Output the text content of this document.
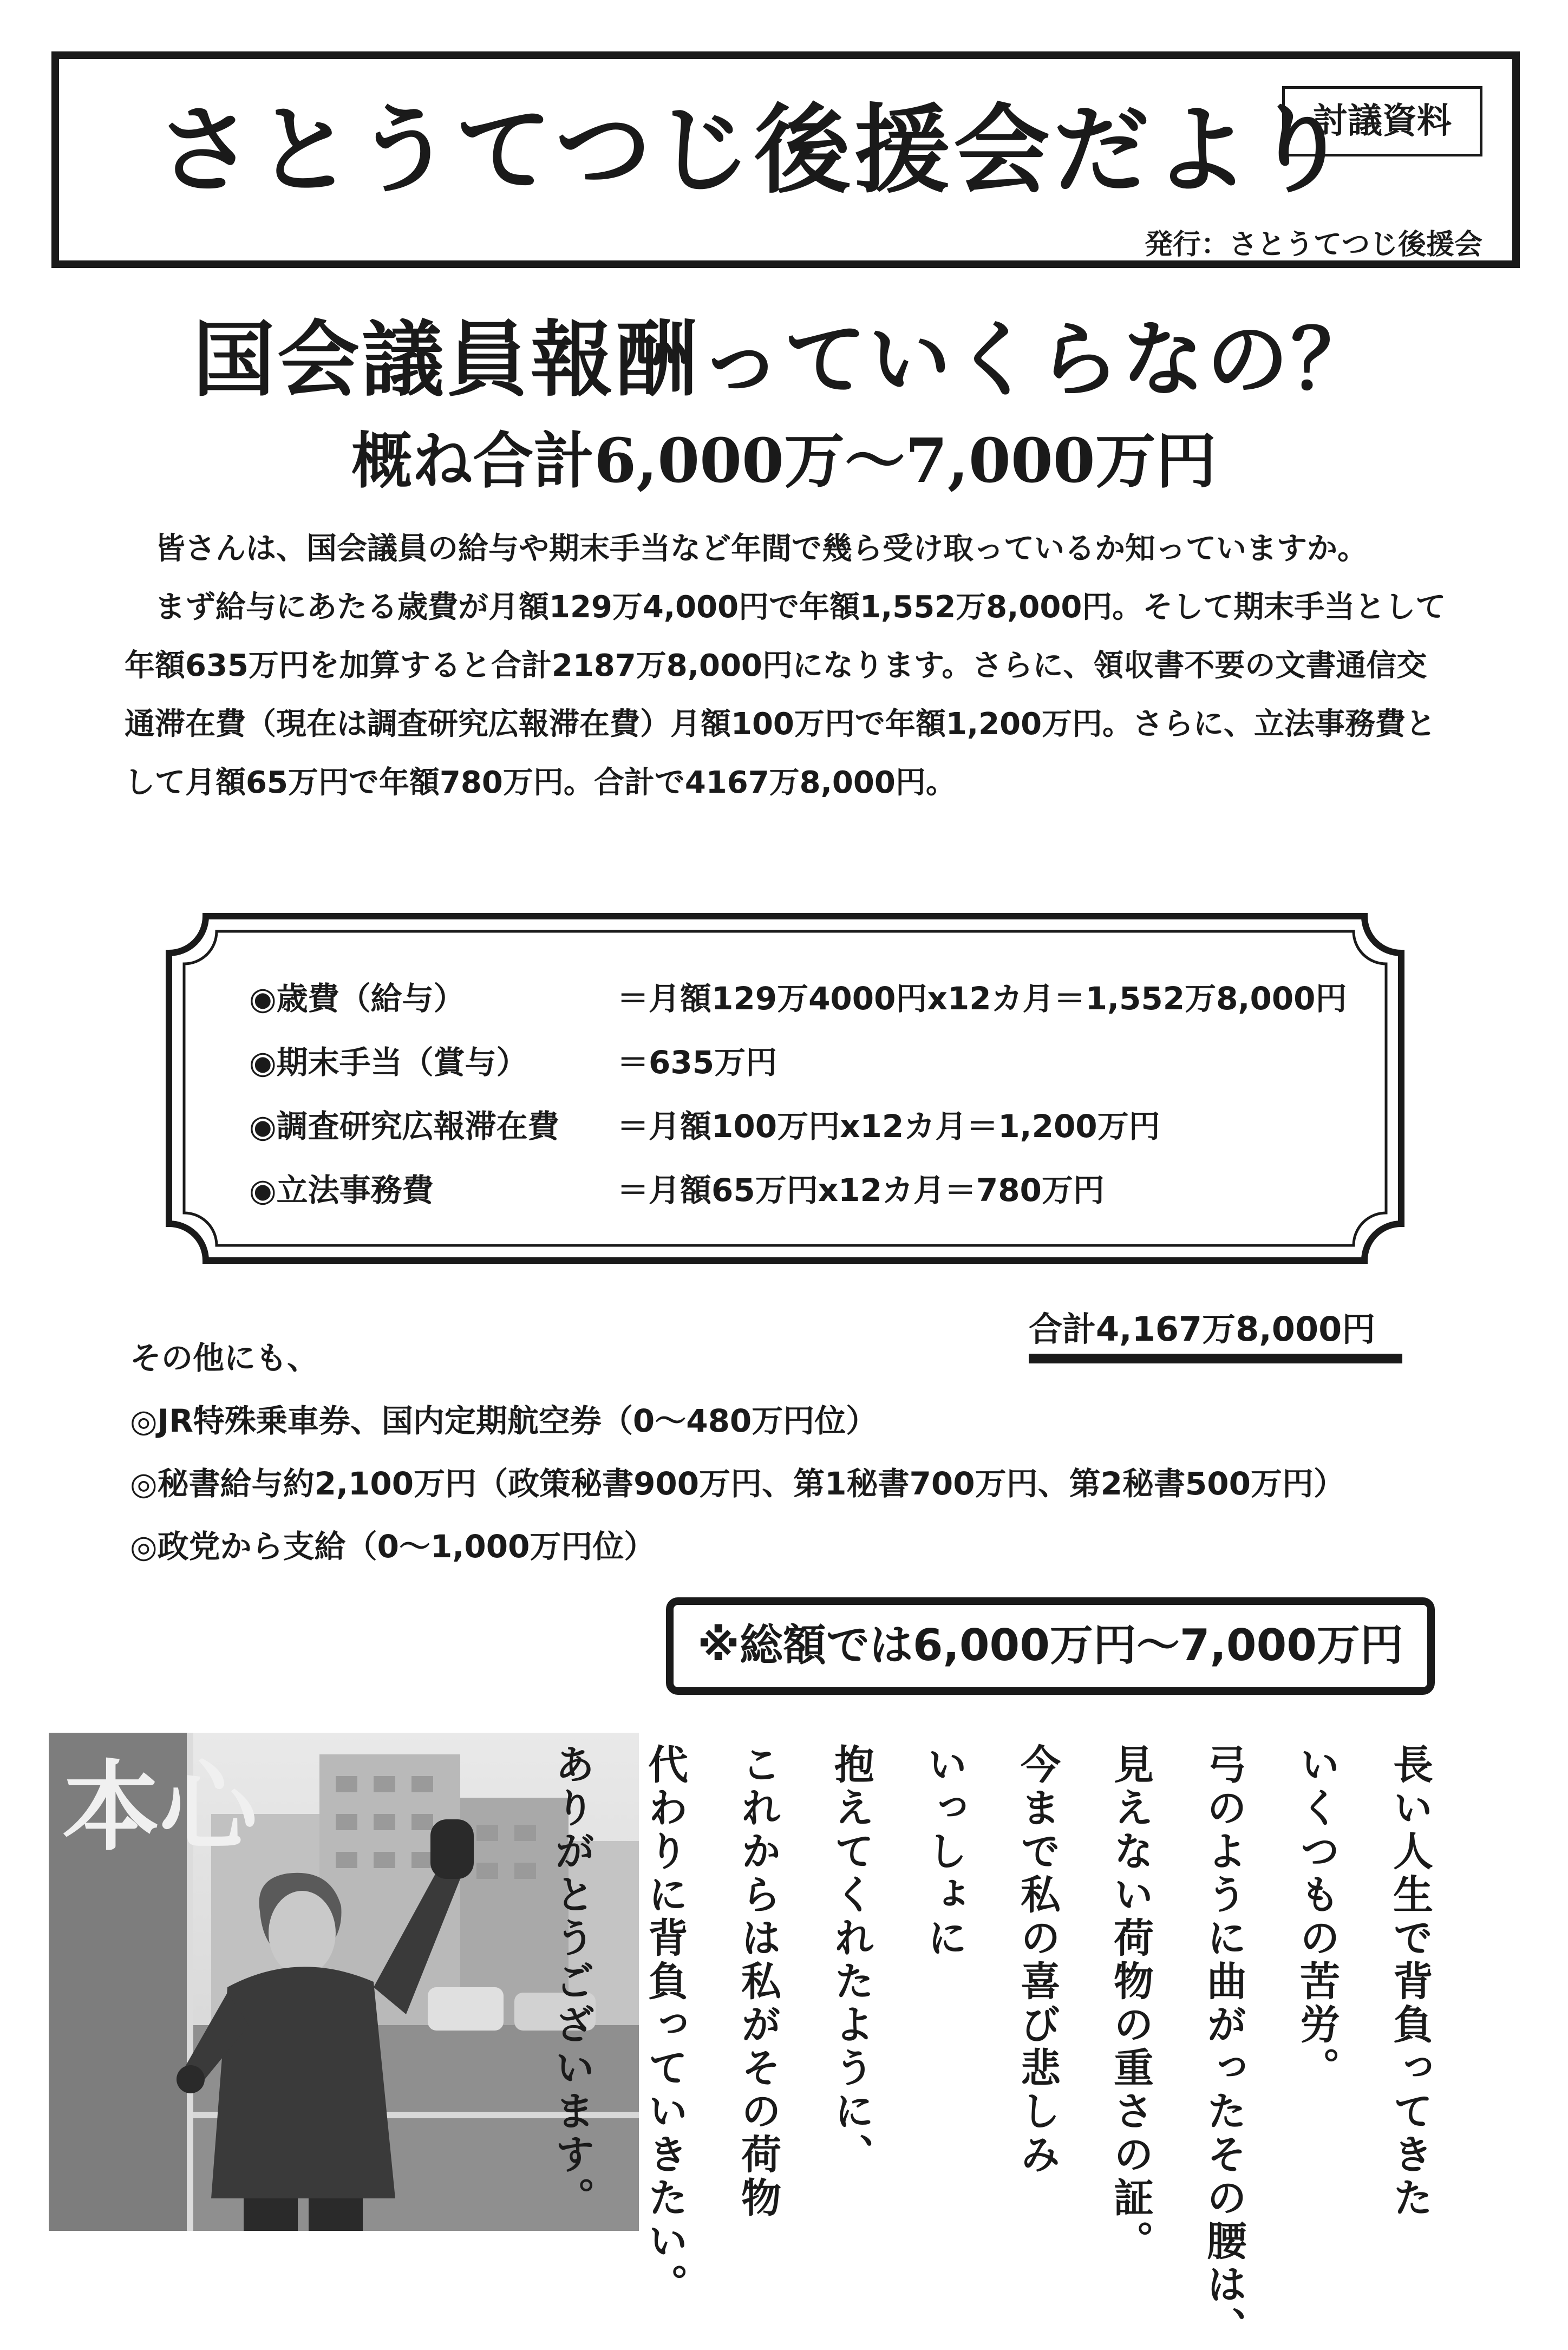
さとうてつじ後援会だより
討議資料
発行：さとうてつじ後援会
国会議員報酬っていくらなの？
概ね合計6,000万〜7,000万円

皆さんは、国会議員の給与や期末手当など年間で幾ら受け取っているか知っていますか。

まず給与にあたる歳費が月額129万4,000円で年額1,552万8,000円。そして期末手当として年額635万円を加算すると合計2187万8,000円になります。さらに、領収書不要の文書通信交通滞在費（現在は調査研究広報滞在費）月額100万円で年額1,200万円。さらに、立法事務費として月額65万円で年額780万円。合計で4167万8,000円。

◉歳費（給与）	＝月額129万4000円x12カ月＝1,552万8,000円
◉期末手当（賞与）	＝635万円
◉調査研究広報滞在費	＝月額100万円x12カ月＝1,200万円
◉立法事務費	＝月額65万円x12カ月＝780万円
合計4,167万8,000円
その他にも、
◎JR特殊乗車券、国内定期航空券（0〜480万円位）
◎秘書給与約2,100万円（政策秘書900万円、第1秘書700万円、第2秘書500万円）
◎政党から支給（0〜1,000万円位）
※総額では6,000万円〜7,000万円
本心	長い人生で背負ってきた
いくつもの苦労。
弓のように曲がったその腰は、
見えない荷物の重さの証。
今まで私の喜び悲しみ
いっしょに
抱えてくれたように、
これからは私がその荷物
代わりに背負っていきたい。
ありがとうございます。
